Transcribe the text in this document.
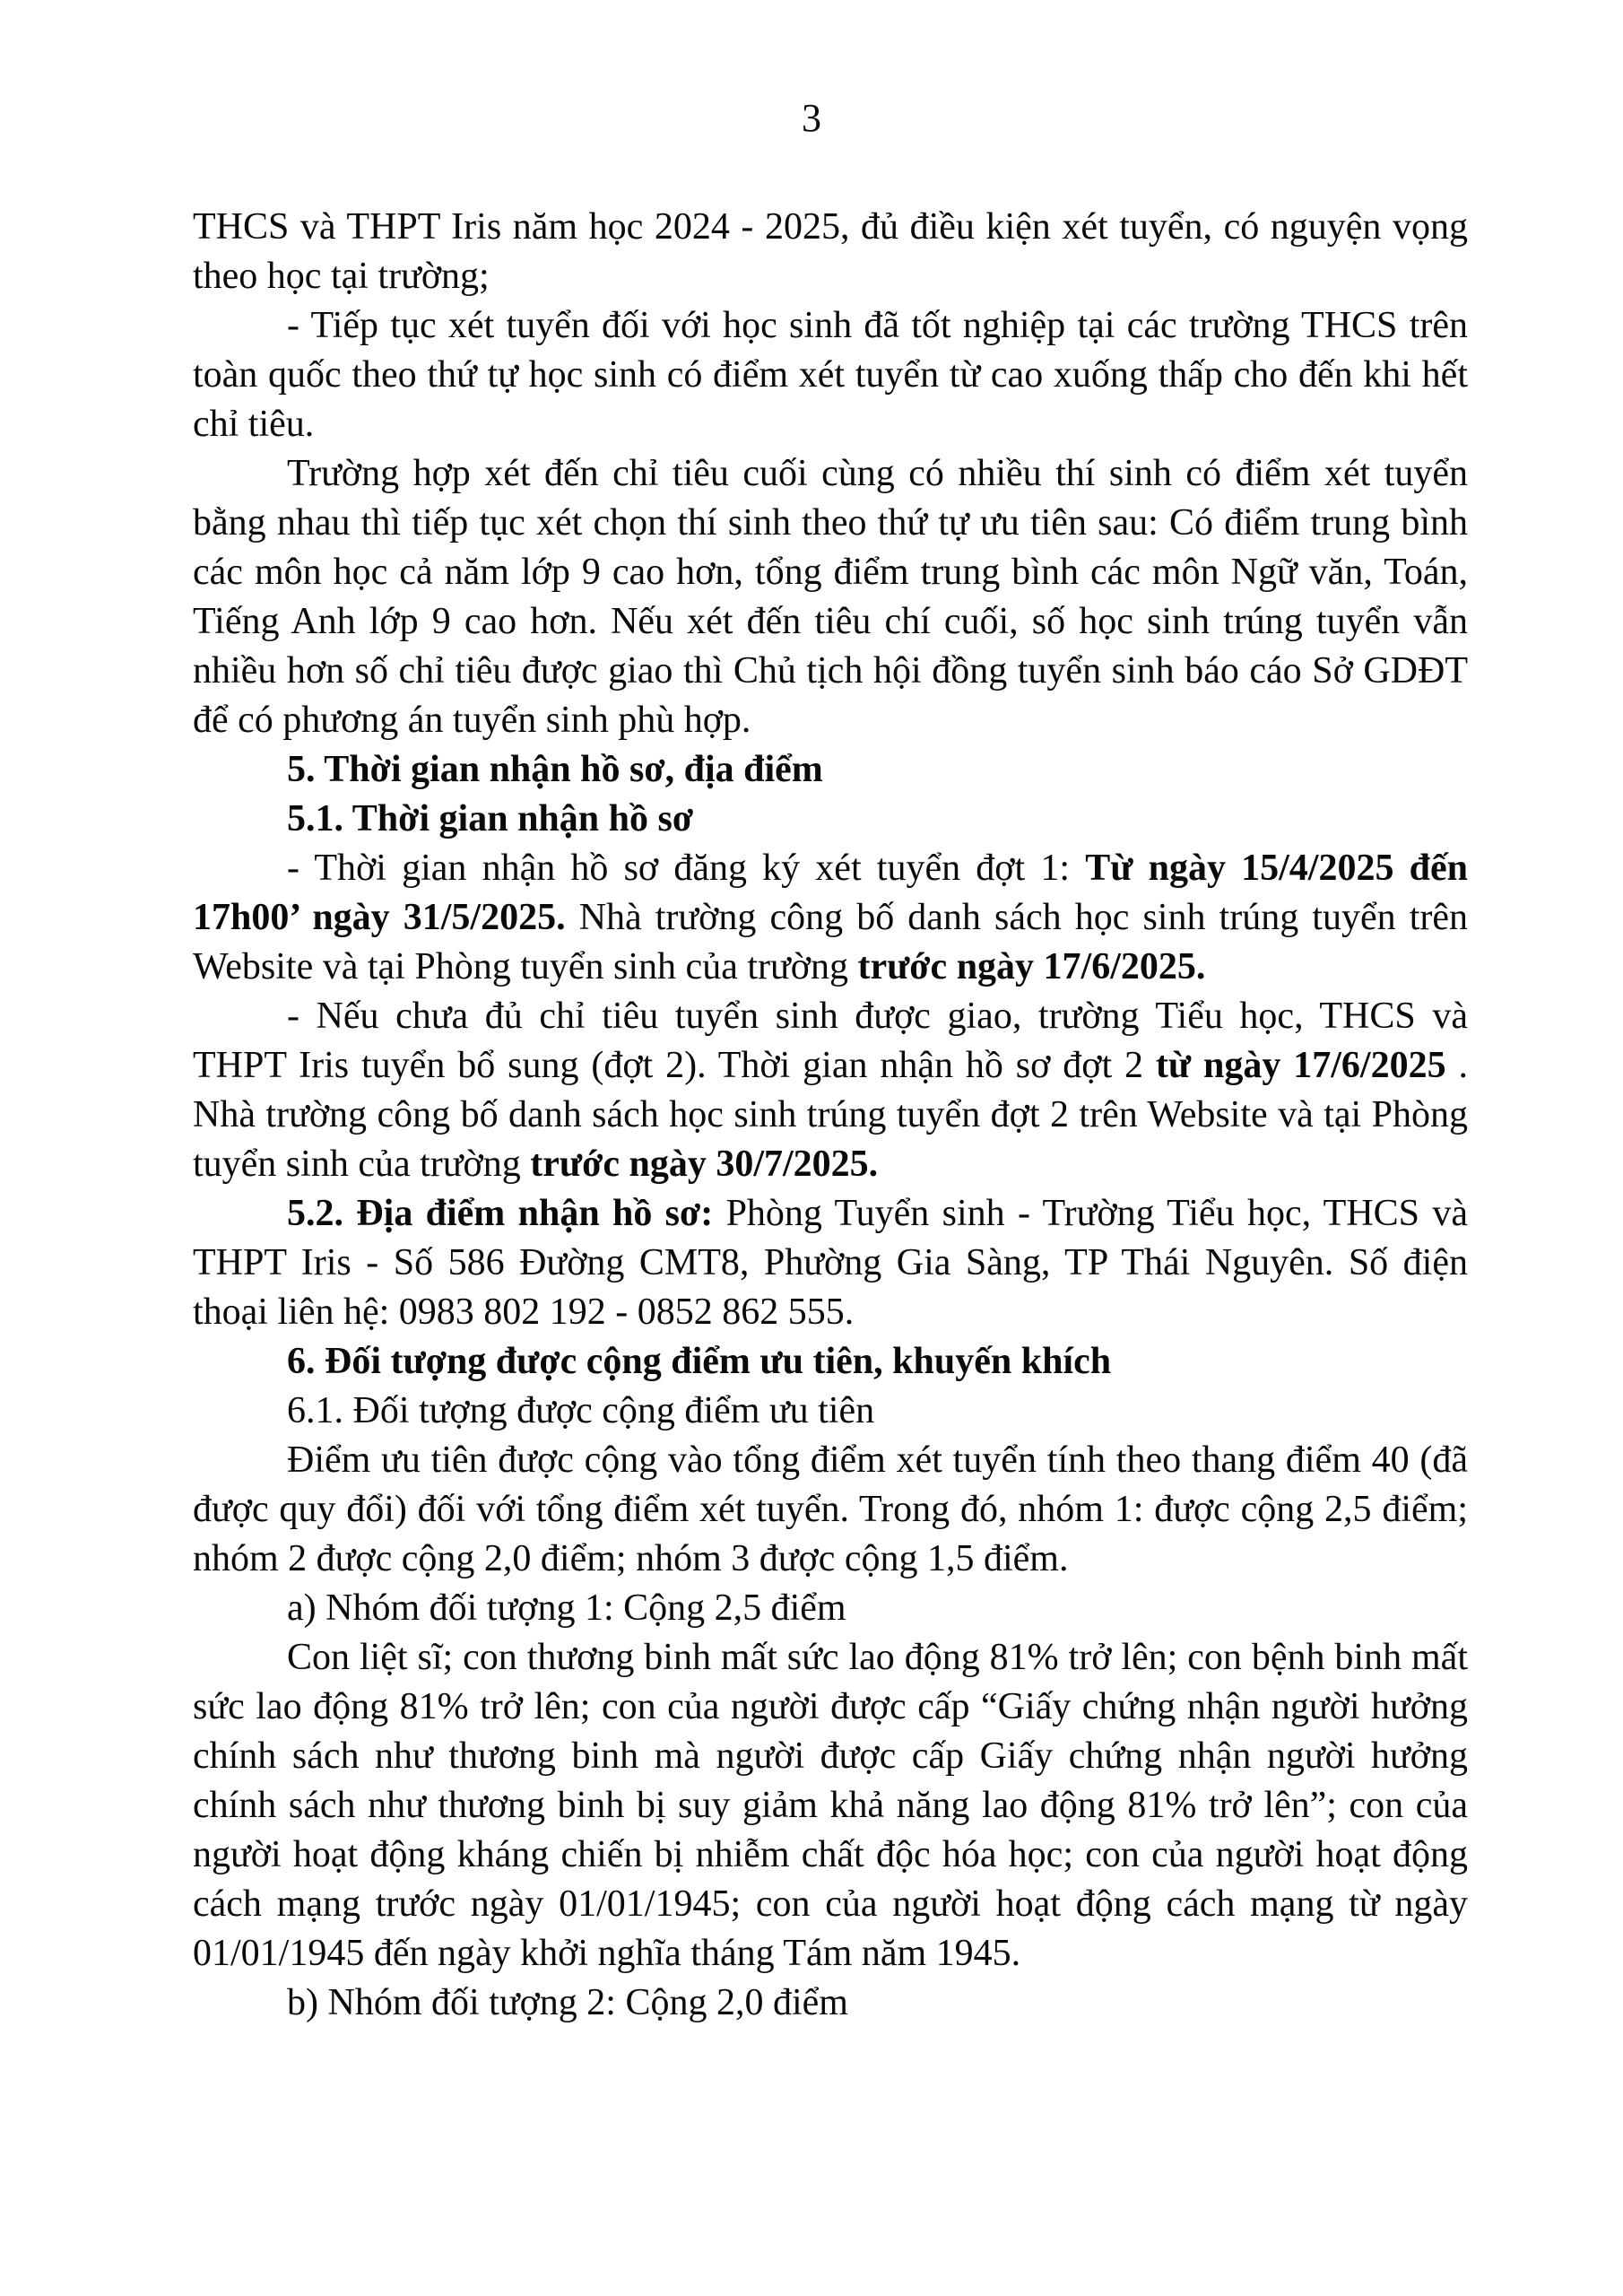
3

THCS và THPT Iris năm học 2024 - 2025, đủ điều kiện xét tuyển, có nguyện vọng theo học tại trường;

- Tiếp tục xét tuyển đối với học sinh đã tốt nghiệp tại các trường THCS trên toàn quốc theo thứ tự học sinh có điểm xét tuyển từ cao xuống thấp cho đến khi hết chỉ tiêu.

Trường hợp xét đến chỉ tiêu cuối cùng có nhiều thí sinh có điểm xét tuyển bằng nhau thì tiếp tục xét chọn thí sinh theo thứ tự ưu tiên sau: Có điểm trung bình các môn học cả năm lớp 9 cao hơn, tổng điểm trung bình các môn Ngữ văn, Toán, Tiếng Anh lớp 9 cao hơn. Nếu xét đến tiêu chí cuối, số học sinh trúng tuyển vẫn nhiều hơn số chỉ tiêu được giao thì Chủ tịch hội đồng tuyển sinh báo cáo Sở GDĐT để có phương án tuyển sinh phù hợp.

5. Thời gian nhận hồ sơ, địa điểm

5.1. Thời gian nhận hồ sơ

- Thời gian nhận hồ sơ đăng ký xét tuyển đợt 1: Từ ngày 15/4/2025 đến 17h00’ ngày 31/5/2025. Nhà trường công bố danh sách học sinh trúng tuyển trên Website và tại Phòng tuyển sinh của trường trước ngày 17/6/2025.

- Nếu chưa đủ chỉ tiêu tuyển sinh được giao, trường Tiểu học, THCS và THPT Iris tuyển bổ sung (đợt 2). Thời gian nhận hồ sơ đợt 2 từ ngày 17/6/2025 . Nhà trường công bố danh sách học sinh trúng tuyển đợt 2 trên Website và tại Phòng tuyển sinh của trường trước ngày 30/7/2025.

5.2. Địa điểm nhận hồ sơ: Phòng Tuyển sinh - Trường Tiểu học, THCS và THPT Iris - Số 586 Đường CMT8, Phường Gia Sàng, TP Thái Nguyên. Số điện thoại liên hệ: 0983 802 192 - 0852 862 555.

6. Đối tượng được cộng điểm ưu tiên, khuyến khích

6.1. Đối tượng được cộng điểm ưu tiên

Điểm ưu tiên được cộng vào tổng điểm xét tuyển tính theo thang điểm 40 (đã được quy đổi) đối với tổng điểm xét tuyển. Trong đó, nhóm 1: được cộng 2,5 điểm; nhóm 2 được cộng 2,0 điểm; nhóm 3 được cộng 1,5 điểm.

a) Nhóm đối tượng 1: Cộng 2,5 điểm

Con liệt sĩ; con thương binh mất sức lao động 81% trở lên; con bệnh binh mất sức lao động 81% trở lên; con của người được cấp “Giấy chứng nhận người hưởng chính sách như thương binh mà người được cấp Giấy chứng nhận người hưởng chính sách như thương binh bị suy giảm khả năng lao động 81% trở lên”; con của người hoạt động kháng chiến bị nhiễm chất độc hóa học; con của người hoạt động cách mạng trước ngày 01/01/1945; con của người hoạt động cách mạng từ ngày 01/01/1945 đến ngày khởi nghĩa tháng Tám năm 1945.

b) Nhóm đối tượng 2: Cộng 2,0 điểm
